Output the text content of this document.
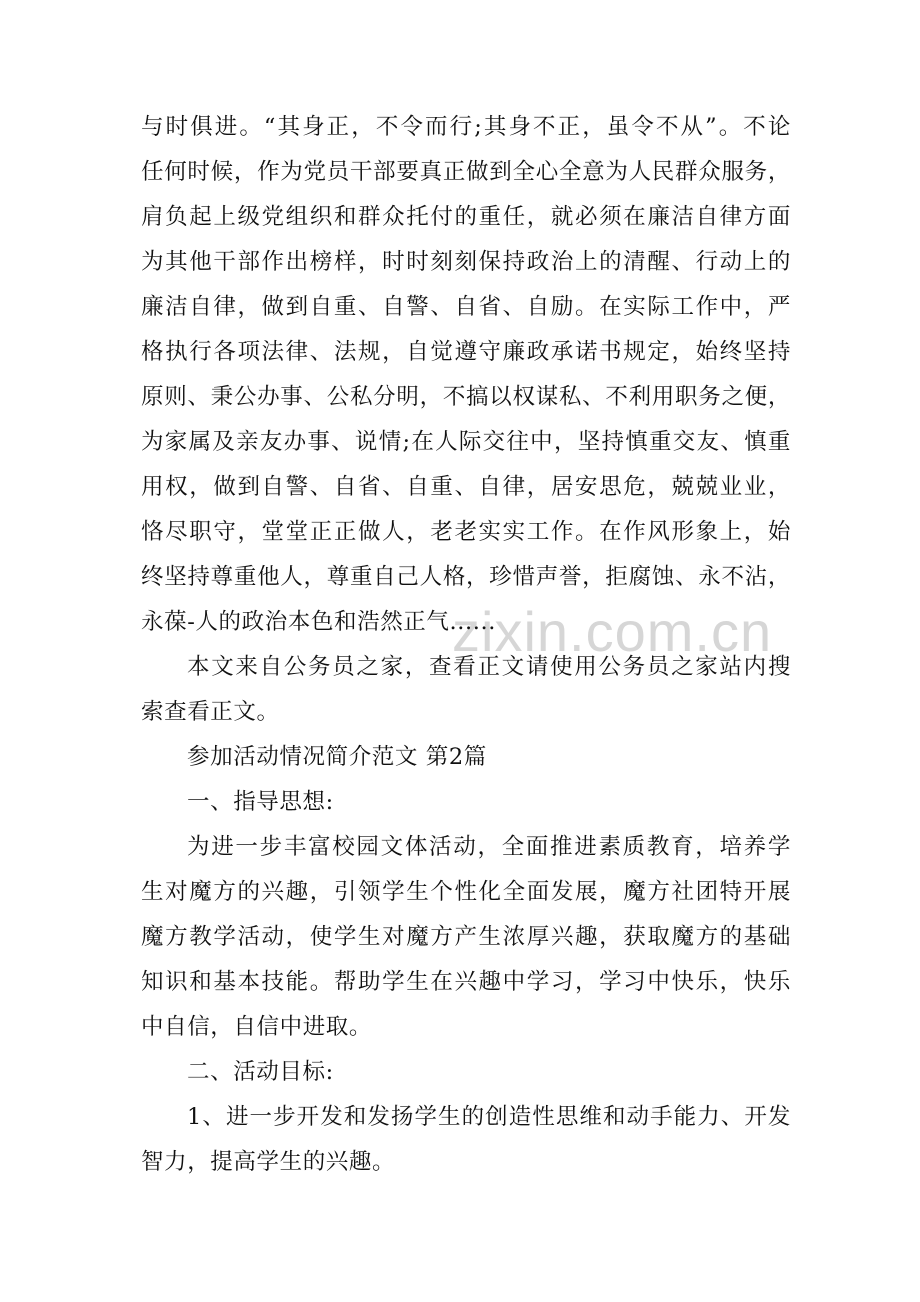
zixin.com.cn
与时俱进。“其身正，不令而行;其身不正，虽令不从”。不论
任何时候，作为党员干部要真正做到全心全意为人民群众服务，
肩负起上级党组织和群众托付的重任，就必须在廉洁自律方面
为其他干部作出榜样，时时刻刻保持政治上的清醒、行动上的
廉洁自律，做到自重、自警、自省、自励。在实际工作中，严
格执行各项法律、法规，自觉遵守廉政承诺书规定，始终坚持
原则、秉公办事、公私分明，不搞以权谋私、不利用职务之便，
为家属及亲友办事、说情;在人际交往中，坚持慎重交友、慎重
用权，做到自警、自省、自重、自律，居安思危，兢兢业业，
恪尽职守，堂堂正正做人，老老实实工作。在作风形象上，始
终坚持尊重他人，尊重自己人格，珍惜声誉，拒腐蚀、永不沾，
永葆-人的政治本色和浩然正气......
本文来自公务员之家，查看正文请使用公务员之家站内搜
索查看正文。
参加活动情况简介范文 第2篇
一、指导思想:
为进一步丰富校园文体活动，全面推进素质教育，培养学
生对魔方的兴趣，引领学生个性化全面发展，魔方社团特开展
魔方教学活动，使学生对魔方产生浓厚兴趣，获取魔方的基础
知识和基本技能。帮助学生在兴趣中学习，学习中快乐，快乐
中自信，自信中进取。
二、活动目标:
1、进一步开发和发扬学生的创造性思维和动手能力、开发
智力，提高学生的兴趣。
